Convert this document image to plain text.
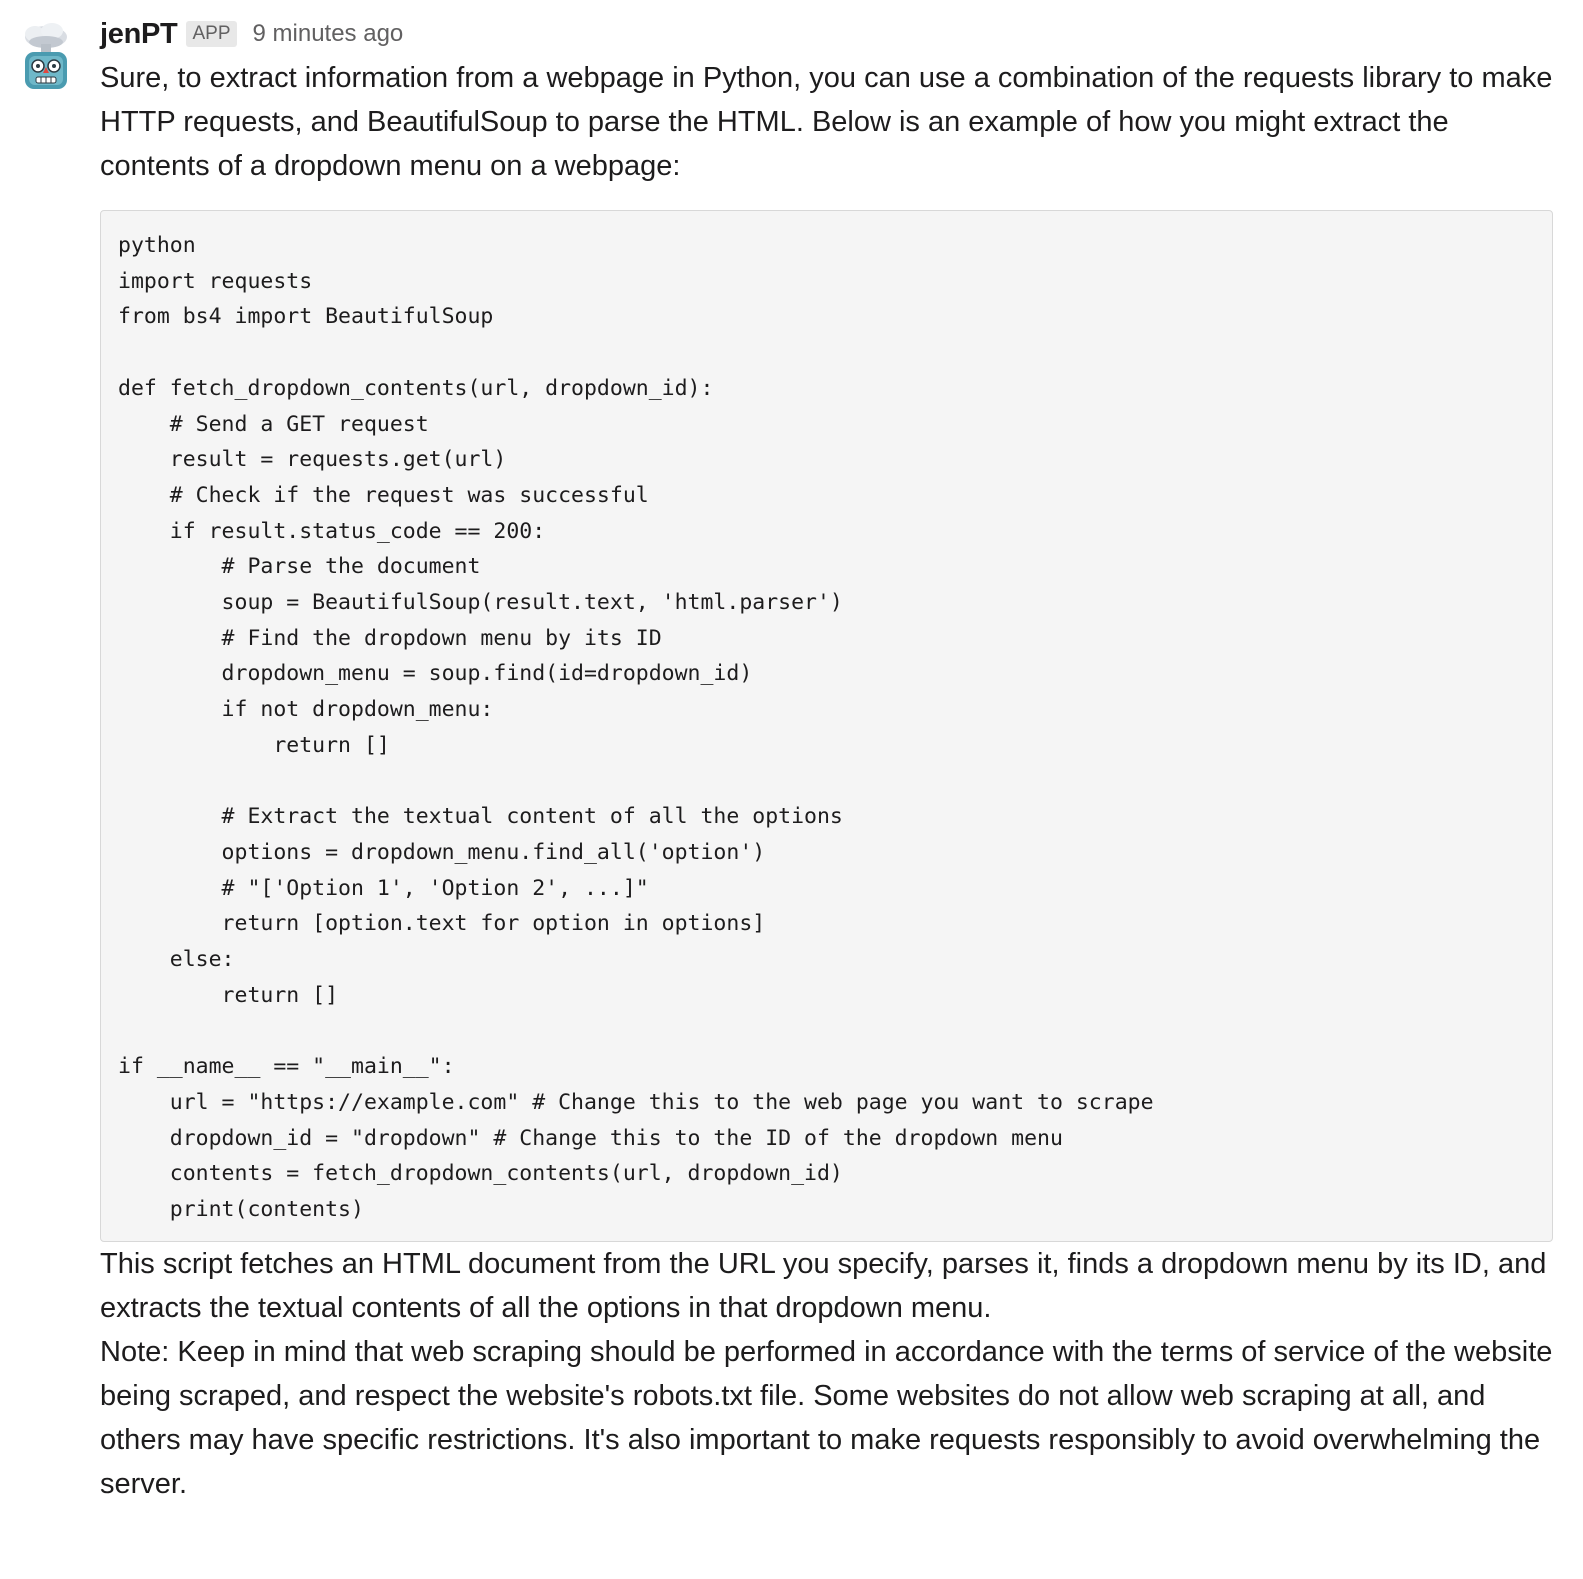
jenPT APP 9 minutes ago

Sure, to extract information from a webpage in Python, you can use a combination of the requests library to make HTTP requests, and BeautifulSoup to parse the HTML. Below is an example of how you might extract the contents of a dropdown menu on a webpage:

python
import requests
from bs4 import BeautifulSoup

def fetch_dropdown_contents(url, dropdown_id):
# Send a GET request
result = requests.get(url)
# Check if the request was successful
if result.status_code == 200:
# Parse the document
soup = BeautifulSoup(result.text, 'html.parser')
# Find the dropdown menu by its ID
dropdown_menu = soup.find(id=dropdown_id)
if not dropdown_menu:
return []

# Extract the textual content of all the options
options = dropdown_menu.find_all('option')
# "['Option 1', 'Option 2', ...]"
return [option.text for option in options]
else:
return []

if __name__ == "__main__":
url = "https://example.com" # Change this to the web page you want to scrape
dropdown_id = "dropdown" # Change this to the ID of the dropdown menu
contents = fetch_dropdown_contents(url, dropdown_id)
print(contents)

This script fetches an HTML document from the URL you specify, parses it, finds a dropdown menu by its ID, and extracts the textual contents of all the options in that dropdown menu.

Note: Keep in mind that web scraping should be performed in accordance with the terms of service of the website being scraped, and respect the website's robots.txt file. Some websites do not allow web scraping at all, and others may have specific restrictions. It's also important to make requests responsibly to avoid overwhelming the server.
